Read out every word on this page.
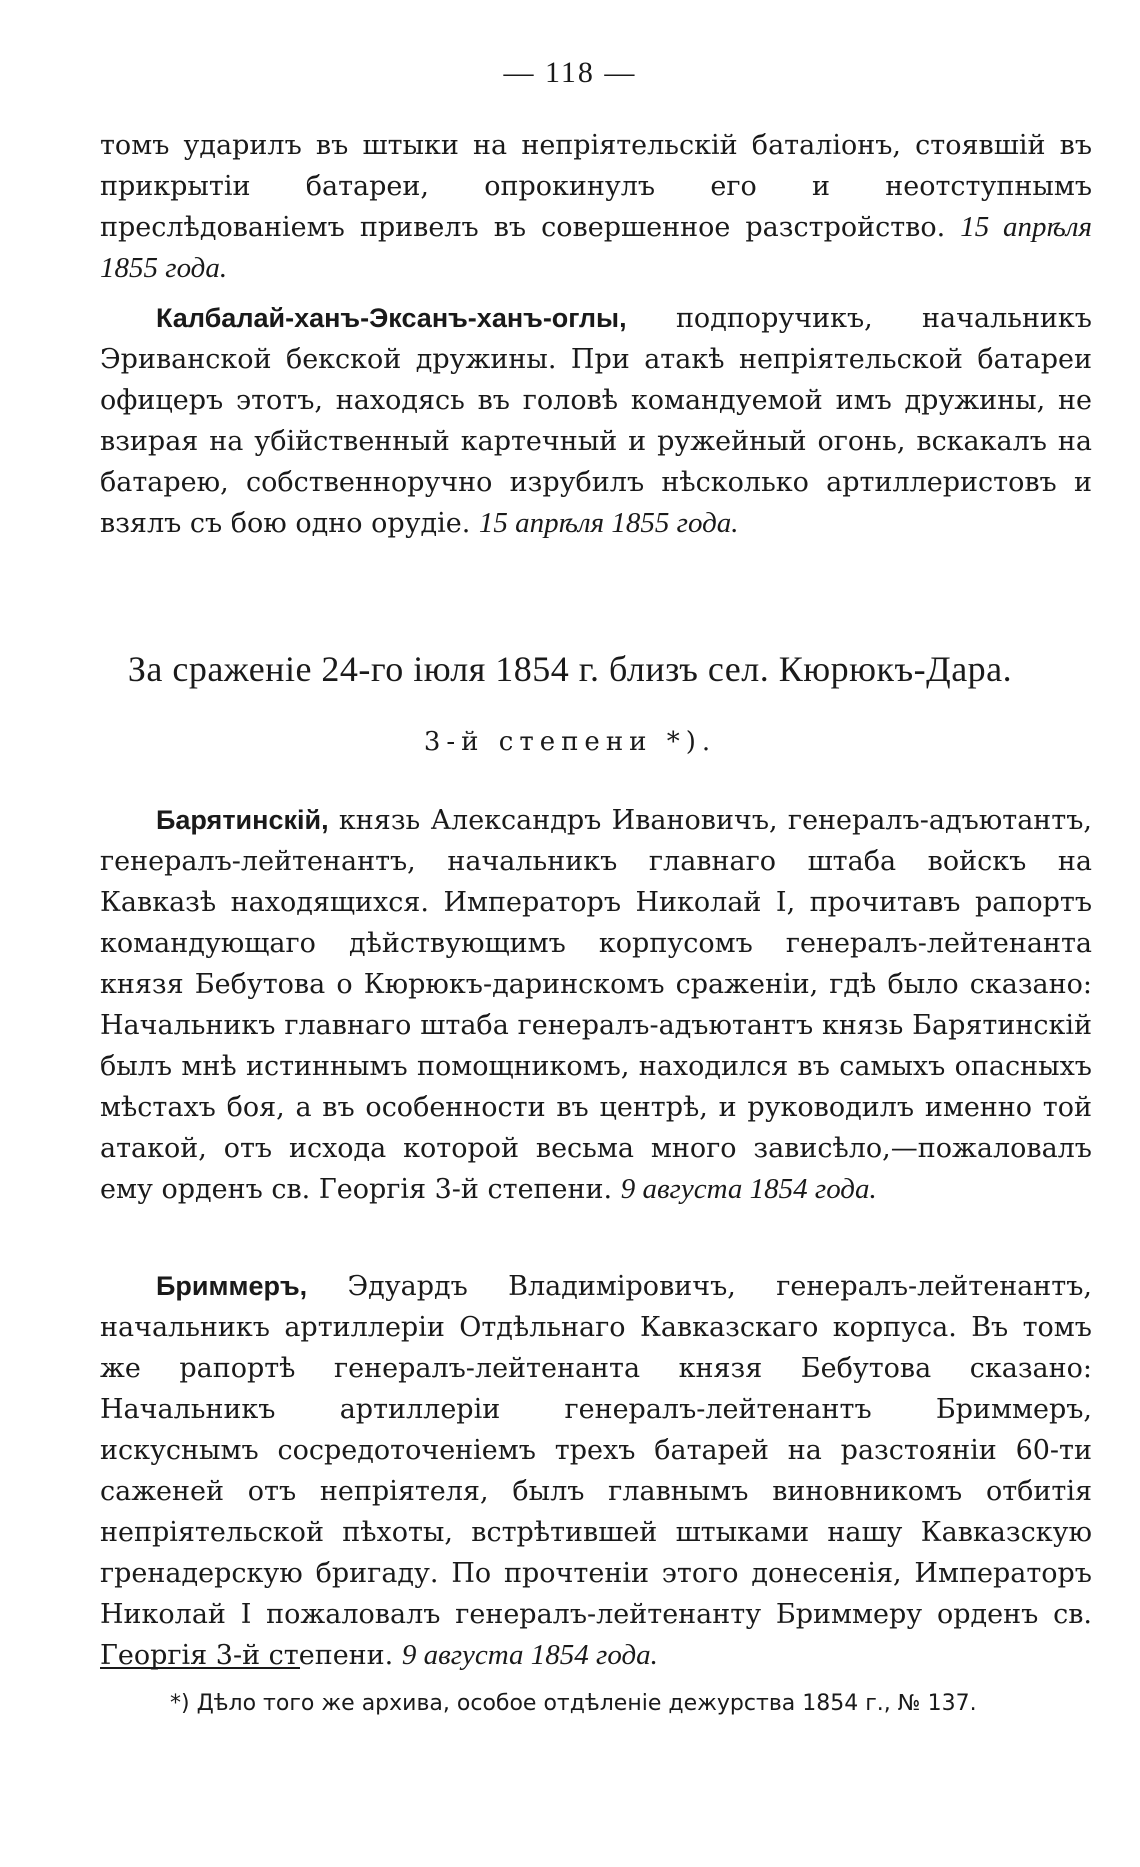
— 118 —
томъ ударилъ въ штыки на непріятельскій баталіонъ, стоявшій въ прикрытіи батареи, опрокинулъ его и неотступнымъ преслѣдованіемъ привелъ въ совершенное разстройство. 15 апрѣля 1855 года.
Калбалай-ханъ-Эксанъ-ханъ-оглы, подпоручикъ, начальникъ Эриванской бекской дружины. При атакѣ непріятельской батареи офицеръ этотъ, находясь въ головѣ командуемой имъ дружины, не взирая на убійственный картечный и ружейный огонь, вскакалъ на батарею, собственноручно изрубилъ нѣсколько артиллеристовъ и взялъ съ бою одно орудіе. 15 апрѣля 1855 года.
За сраженіе 24-го іюля 1854 г. близъ сел. Кюрюкъ-Дара.
3-й степени *).
Барятинскій, князь Александръ Ивановичъ, генералъ-адъютантъ, генералъ-лейтенантъ, начальникъ главнаго штаба войскъ на Кавказѣ находящихся. Императоръ Николай I, прочитавъ рапортъ командующаго дѣйствующимъ корпусомъ генералъ-лейтенанта князя Бебутова о Кюрюкъ-даринскомъ сраженіи, гдѣ было сказано: Начальникъ главнаго штаба генералъ-адъютантъ князь Барятинскій былъ мнѣ истиннымъ помощникомъ, находился въ самыхъ опасныхъ мѣстахъ боя, а въ особенности въ центрѣ, и руководилъ именно той атакой, отъ исхода которой весьма много зависѣло,—пожаловалъ ему орденъ св. Георгія 3-й степени. 9 августа 1854 года.
Бриммеръ, Эдуардъ Владиміровичъ, генералъ-лейтенантъ, начальникъ артиллеріи Отдѣльнаго Кавказскаго корпуса. Въ томъ же рапортѣ генералъ-лейтенанта князя Бебутова сказано: Начальникъ артиллеріи генералъ-лейтенантъ Бриммеръ, искуснымъ сосредоточеніемъ трехъ батарей на разстояніи 60-ти саженей отъ непріятеля, былъ главнымъ виновникомъ отбитія непріятельской пѣхоты, встрѣтившей штыками нашу Кавказскую гренадерскую бригаду. По прочтеніи этого донесенія, Императоръ Николай I пожаловалъ генералъ-лейтенанту Бриммеру орденъ св. Георгія 3-й степени. 9 августа 1854 года.
*) Дѣло того же архива, особое отдѣленіе дежурства 1854 г., № 137.
